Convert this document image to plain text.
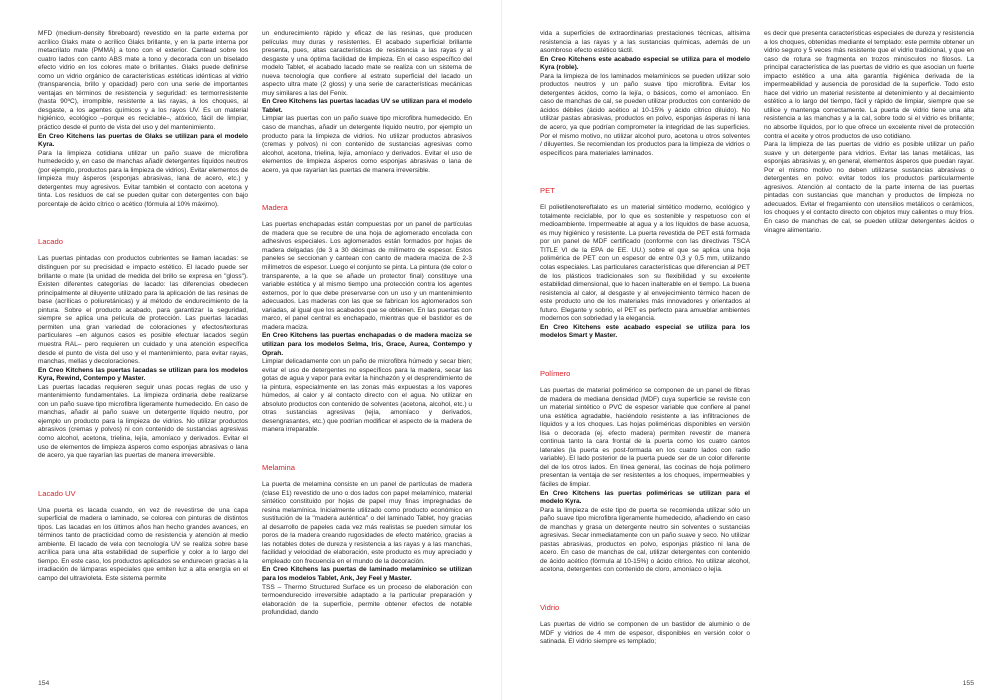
MFD (medium-density fibreboard) revestido en la parte externa por acrílico Glaks mate o acrílico Glaks brillante, y en la parte interna por metacrilato mate (PMMA) a tono con el exterior. Cantead sobre los cuatro lados con canto ABS mate a tono y decorada con un biselado efecto vidrio en los colores mate o brillantes. Glaks puede definirse como un vidrio orgánico de características estéticas idénticas al vidrio (transparencia, brillo y opacidad) pero con una serie de importantes ventajas en términos de resistencia y seguridad: es termorresistente (hasta 90ºC), irrompible, resistente a las rayas, a los choques, al desgaste, a los agentes químicos y a los rayos UV. Es un material higiénico, ecológico –porque es reciclable–, atóxico, fácil de limpiar, práctico desde el punto de vista del uso y del mantenimiento.

En Creo Kitchens las puertas de Glaks se utilizan para el modelo Kyra.

Para la limpieza cotidiana utilizar un paño suave de microfibra humedecido y, en caso de manchas añadir detergentes líquidos neutros (por ejemplo, productos para la limpieza de vidrios). Evitar elementos de limpieza muy ásperos (esponjas abrasivas, lana de acero, etc.) y detergentes muy agresivos. Evitar también el contacto con acetona y tinta. Los residuos de cal se pueden quitar con detergentes con bajo porcentaje de ácido cítrico o acético (fórmula al 10% máximo).

Lacado

Las puertas pintadas con productos cubrientes se llaman lacadas: se distinguen por su precisidad e impacto estético. El lacado puede ser brillante o mate (la unidad de medida del brillo se expresa en "gloss"). Existen diferentes categorías de lacado: las diferencias obedecen principalmente al diluyente utilizado para la aplicación de las resinas de base (acrílicas o poliuretánicas) y al método de endurecimiento de la pintura. Sobre el producto acabado, para garantizar la seguridad, siempre se aplica una película de protección. Las puertas lacadas permiten una gran variedad de coloraciones y efectos/texturas particulares –en algunos casos es posible efectuar lacados según muestra RAL– pero requieren un cuidado y una atención específica desde el punto de vista del uso y el mantenimiento, para evitar rayas, manchas, mellas y decoloraciones.

En Creo Kitchens las puertas lacadas se utilizan para los modelos Kyra, Rewind, Contempo y Master.

Las puertas lacadas requieren seguir unas pocas reglas de uso y mantenimiento fundamentales. La limpieza ordinaria debe realizarse con un paño suave tipo microfibra ligeramente humedecido. En caso de manchas, añadir al paño suave un detergente líquido neutro, por ejemplo un producto para la limpieza de vidrios. No utilizar productos abrasivos (cremas y polvos) ni con contenido de sustancias agresivas como alcohol, acetona, trielina, lejía, amoníaco y derivados. Evitar el uso de elementos de limpieza ásperos como esponjas abrasivas o lana de acero, ya que rayarían las puertas de manera irreversible.

Lacado UV

Una puerta es lacada cuando, en vez de revestirse de una capa superficial de madera o laminado, se colorea con pinturas de distintos tipos. Las lacadas en los últimos años han hecho grandes avances, en términos tanto de practicidad como de resistencia y atención al medio ambiente. El lacado de vela con tecnología UV se realiza sobre base acrílica para una alta estabilidad de superficie y color a lo largo del tiempo. En este caso, los productos aplicados se endurecen gracias a la irradiación de lámparas especiales que emiten luz a alta energía en el campo del ultravioleta. Este sistema permite

un endurecimiento rápido y eficaz de las resinas, que producen películas muy duras y resistentes. El acabado superficial brillante presenta, pues, altas características de resistencia a las rayas y al desgaste y una óptima facilidad de limpieza. En el caso específico del modelo Tablet, el acabado lacado mate se realiza con un sistema de nueva tecnología que confiere al estrato superficial del lacado un aspecto ultra mate (2 gloss) y una serie de características mecánicas muy similares a las del Fenix.

En Creo Kitchens las puertas lacadas UV se utilizan para el modelo Tablet.

Limpiar las puertas con un paño suave tipo microfibra humedecido. En caso de manchas, añadir un detergente líquido neutro, por ejemplo un producto para la limpieza de vidrios. No utilizar productos abrasivos (cremas y polvos) ni con contenido de sustancias agresivas como alcohol, acetona, trielina, lejía, amoníaco y derivados. Evitar el uso de elementos de limpieza ásperos como esponjas abrasivas o lana de acero, ya que rayarían las puertas de manera irreversible.

Madera

Las puertas enchapadas están compuestas por un panel de partículas de madera que se recubre de una hoja de aglomerado encolada con adhesivos especiales. Los aglomerados están formados por hojas de madera delgadas (de 3 a 30 décimas de milímetro de espesor. Estos paneles se seccionan y cantean con canto de madera maciza de 2-3 milímetros de espesor. Luego el conjunto se pinta. La pintura (de color o transparente, a la que se añade un protector final) constituye una variable estética y al mismo tiempo una protección contra los agentes externos, por lo que debe preservarse con un uso y un mantenimiento adecuados. Las maderas con las que se fabrican los aglomerados son variadas, al igual que los acabados que se obtienen. En las puertas con marco, el panel central es enchapado, mientras que el bastidor es de madera maciza.

En Creo Kitchens las puertas enchapadas o de madera maciza se utilizan para los modelos Selma, Iris, Grace, Aurea, Contempo y Oprah.

Limpiar delicadamente con un paño de microfibra húmedo y secar bien; evitar el uso de detergentes no específicos para la madera, secar las gotas de agua y vapor para evitar la hinchazón y el desprendimiento de la pintura, especialmente en las zonas más expuestas a los vapores húmedos, al calor y al contacto directo con el agua. No utilizar en absoluto productos con contenido de solventes (acetona, alcohol, etc.) u otras sustancias agresivas (lejía, amoníaco y derivados, desengrasantes, etc.) que podrían modificar el aspecto de la madera de manera irreparable.

Melamina

La puerta de melamina consiste en un panel de partículas de madera (clase E1) revestido de uno o dos lados con papel melamínico, material sintético constituido por hojas de papel muy finas impregnadas de resina melamínica. Inicialmente utilizado como producto económico en sustitución de la "madera auténtica" o del laminado Tablet, hoy gracias al desarrollo de papeles cada vez más realistas se pueden simular los poros de la madera creando rugosidades de efecto matérico, gracias a las notables dotes de dureza y resistencia a las rayas y a las manchas, facilidad y velocidad de elaboración, este producto es muy apreciado y empleado con frecuencia en el mundo de la decoración.

En Creo Kitchens las puertas de laminado melamínico se utilizan para los modelos Tablet, Ank, Jey Feel y Master.

TSS – Thermo Structured Surface es un proceso de elaboración con termoendurecido irreversible adaptado a la particular preparación y elaboración de la superficie, permite obtener efectos de notable profundidad, dando

vida a superficies de extraordinarias prestaciones técnicas, altísima resistencia a las rayas y a las sustancias químicas, además de un asombroso efecto estético táctil.

En Creo Kitchens este acabado especial se utiliza para el modelo Kyra (roble).

Para la limpieza de los laminados melamínicos se pueden utilizar solo productos neutros y un paño suave tipo microfibra. Evitar los detergentes ácidos, como la lejía, o básicos, como el amoníaco. En caso de manchas de cal, se pueden utilizar productos con contenido de ácidos débiles (ácido acético al 10-15% y ácido cítrico diluido). No utilizar pastas abrasivas, productos en polvo, esponjas ásperas ni lana de acero, ya que podrían comprometer la integridad de las superficies. Por el mismo motivo, no utilizar alcohol puro, acetona u otros solventes / diluyentes. Se recomiendan los productos para la limpieza de vidrios o específicos para materiales laminados.

PET

El polietilenotereftalato es un material sintético moderno, ecológico y totalmente reciclable, por lo que es sostenible y respetuoso con el medioambiente. Impermeable al agua y a los líquidos de base acuosa, es muy higiénico y resistente. La puerta revestida de PET está formada por un panel de MDF certificado (conforme con las directivas TSCA TITLE VI de la EPA de EE. UU.) sobre el que se aplica una hoja polimérica de PET con un espesor de entre 0,3 y 0,5 mm, utilizando colas especiales. Las particulares características que diferencian al PET de los plásticos tradicionales son su flexibilidad y su excelente estabilidad dimensional, que lo hacen inalterable en el tiempo. La buena resistencia al calor, al desgaste y al envejecimiento térmico hacen de este producto uno de los materiales más innovadores y orientados al futuro. Elegante y sobrio, el PET es perfecto para amueblar ambientes modernos con sobriedad y la elegancia.

En Creo Kitchens este acabado especial se utiliza para los modelos Smart y Master.

Polímero

Las puertas de material polimérico se componen de un panel de fibras de madera de mediana densidad (MDF) cuya superficie se reviste con un material sintético o PVC de espesor variable que confiere al panel una estética agradable, haciéndolo resistente a las infiltraciones de líquidos y a los choques. Las hojas poliméricas disponibles en versión lisa o decorada (ej. efecto madera) permiten revestir de manera continua tanto la cara frontal de la puerta como los cuatro cantos laterales (la puerta es post-formada en los cuatro lados con radio variable). El lado posterior de la puerta puede ser de un color diferente del de los otros lados. En línea general, las cocinas de hoja polímero presentan la ventaja de ser resistentes a los choques, impermeables y fáciles de limpiar.

En Creo Kitchens las puertas poliméricas se utilizan para el modelo Kyra.

Para la limpieza de este tipo de puerta se recomienda utilizar sólo un paño suave tipo microfibra ligeramente humedecido, añadiendo en caso de manchas y grasa un detergente neutro sin solventes o sustancias agresivas. Secar inmediatamente con un paño suave y seco. No utilizar pastas abrasivas, productos en polvo, esponjas plástico ni lana de acero. En caso de manchas de cal, utilizar detergentes con contenido de ácido acético (fórmula al 10-15%) o ácido cítrico. No utilizar alcohol, acetona, detergentes con contenido de cloro, amoníaco o lejía.

Vidrio

Las puertas de vidrio se componen de un bastidor de aluminio o de MDF y vidrios de 4 mm de espesor, disponibles en versión color o satinada. El vidrio siempre es templado;

es decir que presenta características especiales de dureza y resistencia a los choques, obtenidas mediante el templado: este permite obtener un vidrio seguro y 5 veces más resistente que el vidrio tradicional, y que en caso de rotura se fragmenta en trozos minúsculos no filosos. La principal característica de las puertas de vidrio es que asocian un fuerte impacto estético a una alta garantía higiénica derivada de la impermeabilidad y ausencia de porosidad de la superficie. Todo esto hace del vidrio un material resistente al detenimiento y al decaimiento estético a lo largo del tiempo, fácil y rápido de limpiar, siempre que se utilice y mantenga correctamente. La puerta de vidrio tiene una alta resistencia a las manchas y a la cal, sobre todo si el vidrio es brillante; no absorbe líquidos, por lo que ofrece un excelente nivel de protección contra el aceite y otros productos de uso cotidiano.

Para la limpieza de las puertas de vidrio es posible utilizar un paño suave y un detergente para vidrios. Evitar las lanas metálicas, las esponjas abrasivas y, en general, elementos ásperos que puedan rayar. Por el mismo motivo no deben utilizarse sustancias abrasivas o detergentes en polvo: evitar todos los productos particularmente agresivos. Atención al contacto de la parte interna de las puertas pintadas con sustancias que manchan y productos de limpieza no adecuados. Evitar el fregamiento con utensilios metálicos o cerámicos, los choques y el contacto directo con objetos muy calientes o muy fríos. En caso de manchas de cal, se pueden utilizar detergentes ácidos o vinagre alimentario.

154	155
